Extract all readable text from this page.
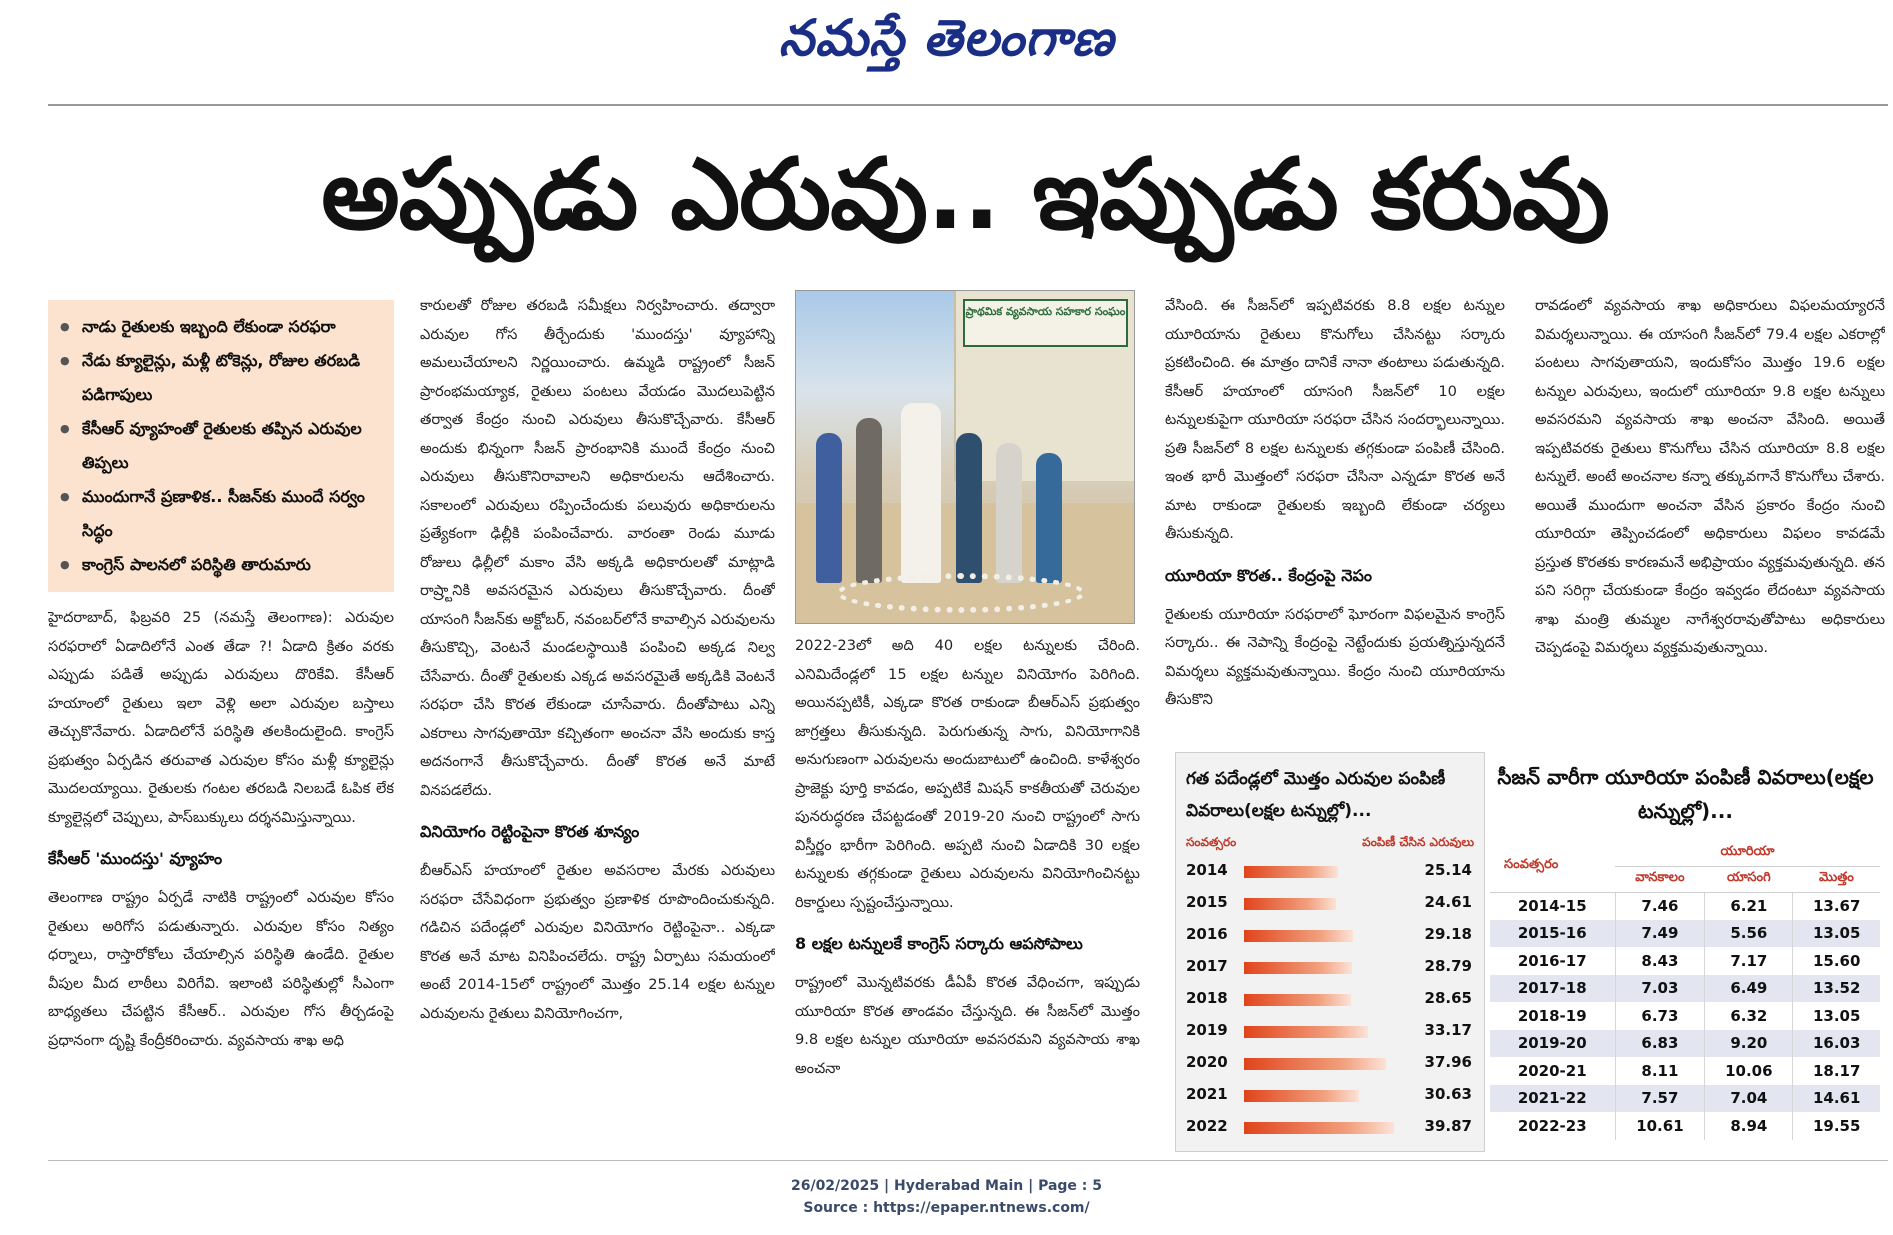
నమస్తే తెలంగాణ
అప్పుడు ఎరువు.. ఇప్పుడు కరువు
● నాడు రైతులకు ఇబ్బంది లేకుండా సరఫరా
● నేడు క్యూలైన్లు, మళ్లీ టోకెన్లు, రోజుల తరబడి పడిగాపులు
● కేసీఆర్ వ్యూహంతో రైతులకు తప్పిన ఎరువుల తిప్పలు
● ముందుగానే ప్రణాళిక.. సీజన్‌కు ముందే సర్వం సిద్ధం
● కాంగ్రెస్ పాలనలో పరిస్థితి తారుమారు

హైదరాబాద్, ఫిబ్రవరి 25 (నమస్తే తెలంగాణ): ఎరువుల సరఫరాలో ఏడాదిలోనే ఎంత తేడా ?! ఏడాది క్రితం వరకు ఎప్పుడు పడితే అప్పుడు ఎరువులు దొరికేవి. కేసీఆర్ హయాంలో రైతులు ఇలా వెళ్లి అలా ఎరువుల బస్తాలు తెచ్చుకొనేవారు. ఏడాదిలోనే పరిస్థితి తలకిందులైంది. కాంగ్రెస్ ప్రభుత్వం ఏర్పడిన తరువాత ఎరువుల కోసం మళ్లీ క్యూలైన్లు మొదలయ్యాయి. రైతులకు గంటల తరబడి నిలబడే ఓపిక లేక క్యూలైన్లలో చెప్పులు, పాస్‌బుక్కులు దర్శనమిస్తున్నాయి.

కేసీఆర్ 'ముందస్తు' వ్యూహం

తెలంగాణ రాష్ట్రం ఏర్పడే నాటికి రాష్ట్రంలో ఎరువుల కోసం రైతులు అరిగోస పడుతున్నారు. ఎరువుల కోసం నిత్యం ధర్నాలు, రాస్తారోకోలు చేయాల్సిన పరిస్థితి ఉండేది. రైతుల వీపుల మీద లాఠీలు విరిగేవి. ఇలాంటి పరిస్థితుల్లో సీఎంగా బాధ్యతలు చేపట్టిన కేసీఆర్.. ఎరువుల గోస తీర్చడంపై ప్రధానంగా దృష్టి కేంద్రీకరించారు. వ్యవసాయ శాఖ అధి

కారులతో రోజుల తరబడి సమీక్షలు నిర్వహించారు. తద్వారా ఎరువుల గోస తీర్చేందుకు 'ముందస్తు' వ్యూహాన్ని అమలుచేయాలని నిర్ణయించారు. ఉమ్మడి రాష్ట్రంలో సీజన్ ప్రారంభమయ్యాక, రైతులు పంటలు వేయడం మొదలుపెట్టిన తర్వాత కేంద్రం నుంచి ఎరువులు తీసుకొచ్చేవారు. కేసీఆర్ అందుకు భిన్నంగా సీజన్ ప్రారంభానికి ముందే కేంద్రం నుంచి ఎరువులు తీసుకొనిరావాలని అధికారులను ఆదేశించారు. సకాలంలో ఎరువులు రప్పించేందుకు పలువురు అధికారులను ప్రత్యేకంగా ఢిల్లీకి పంపించేవారు. వారంతా రెండు మూడు రోజులు ఢిల్లీలో మకాం వేసి అక్కడి అధికారులతో మాట్లాడి రాష్ర్టానికి అవసరమైన ఎరువులు తీసుకొచ్చేవారు. దీంతో యాసంగి సీజన్‌కు అక్టోబర్, నవంబర్‌లోనే కావాల్సిన ఎరువులను తీసుకొచ్చి, వెంటనే మండలస్థాయికి పంపించి అక్కడ నిల్వ చేసేవారు. దీంతో రైతులకు ఎక్కడ అవసరమైతే అక్కడికి వెంటనే సరఫరా చేసి కొరత లేకుండా చూసేవారు. దీంతోపాటు ఎన్ని ఎకరాలు సాగవుతాయో కచ్చితంగా అంచనా వేసి అందుకు కాస్త అదనంగానే తీసుకొచ్చేవారు. దీంతో కొరత అనే మాటే వినపడలేదు.

వినియోగం రెట్టింపైనా కొరత శూన్యం

బీఆర్‌ఎస్ హయాంలో రైతుల అవసరాల మేరకు ఎరువులు సరఫరా చేసేవిధంగా ప్రభుత్వం ప్రణాళిక రూపొందించుకున్నది. గడిచిన పదేండ్లలో ఎరువుల వినియోగం రెట్టింపైనా.. ఎక్కడా కొరత అనే మాట వినిపించలేదు. రాష్ట్ర ఏర్పాటు సమయంలో అంటే 2014-15లో రాష్ట్రంలో మొత్తం 25.14 లక్షల టన్నుల ఎరువులను రైతులు వినియోగించగా,

ప్రాథమిక వ్యవసాయ సహకార సంఘం

2022-23లో అది 40 లక్షల టన్నులకు చేరింది. ఎనిమిదేండ్లలో 15 లక్షల టన్నుల వినియోగం పెరిగింది. అయినప్పటికీ, ఎక్కడా కొరత రాకుండా బీఆర్‌ఎస్ ప్రభుత్వం జాగ్రత్తలు తీసుకున్నది. పెరుగుతున్న సాగు, వినియోగానికి అనుగుణంగా ఎరువులను అందుబాటులో ఉంచింది. కాళేశ్వరం ప్రాజెక్టు పూర్తి కావడం, అప్పటికే మిషన్ కాకతీయతో చెరువుల పునరుద్ధరణ చేపట్టడంతో 2019-20 నుంచి రాష్ట్రంలో సాగు విస్తీర్ణం భారీగా పెరిగింది. అప్పటి నుంచి ఏడాదికి 30 లక్షల టన్నులకు తగ్గకుండా రైతులు ఎరువులను వినియోగించినట్టు రికార్డులు స్పష్టంచేస్తున్నాయి.

8 లక్షల టన్నులకే కాంగ్రెస్ సర్కారు ఆపసోపాలు

రాష్ట్రంలో మొన్నటివరకు డీఏపీ కొరత వేధించగా, ఇప్పుడు యూరియా కొరత తాండవం చేస్తున్నది. ఈ సీజన్‌లో మొత్తం 9.8 లక్షల టన్నుల యూరియా అవసరమని వ్యవసాయ శాఖ అంచనా

వేసింది. ఈ సీజన్‌లో ఇప్పటివరకు 8.8 లక్షల టన్నుల యూరియాను రైతులు కొనుగోలు చేసినట్టు సర్కారు ప్రకటించింది. ఈ మాత్రం దానికే నానా తంటాలు పడుతున్నది. కేసీఆర్ హయాంలో యాసంగి సీజన్‌లో 10 లక్షల టన్నులకుపైగా యూరియా సరఫరా చేసిన సందర్భాలున్నాయి. ప్రతి సీజన్‌లో 8 లక్షల టన్నులకు తగ్గకుండా పంపిణీ చేసింది. ఇంత భారీ మొత్తంలో సరఫరా చేసినా ఎన్నడూ కొరత అనే మాట రాకుండా రైతులకు ఇబ్బంది లేకుండా చర్యలు తీసుకున్నది.

యూరియా కొరత.. కేంద్రంపై నెపం

రైతులకు యూరియా సరఫరాలో ఘోరంగా విఫలమైన కాంగ్రెస్ సర్కారు.. ఈ నెపాన్ని కేంద్రంపై నెట్టేందుకు ప్రయత్నిస్తున్నదనే విమర్శలు వ్యక్తమవుతున్నాయి. కేంద్రం నుంచి యూరియాను తీసుకొని

రావడంలో వ్యవసాయ శాఖ అధికారులు విఫలమయ్యారనే విమర్శలున్నాయి. ఈ యాసంగి సీజన్‌లో 79.4 లక్షల ఎకరాల్లో పంటలు సాగవుతాయని, ఇందుకోసం మొత్తం 19.6 లక్షల టన్నుల ఎరువులు, ఇందులో యూరియా 9.8 లక్షల టన్నులు అవసరమని వ్యవసాయ శాఖ అంచనా వేసింది. అయితే ఇప్పటివరకు రైతులు కొనుగోలు చేసిన యూరియా 8.8 లక్షల టన్నులే. అంటే అంచనాల కన్నా తక్కువగానే కొనుగోలు చేశారు. అయితే ముందుగా అంచనా వేసిన ప్రకారం కేంద్రం నుంచి యూరియా తెప్పించడంలో అధికారులు విఫలం కావడమే ప్రస్తుత కొరతకు కారణమనే అభిప్రాయం వ్యక్తమవుతున్నది. తన పని సరిగ్గా చేయకుండా కేంద్రం ఇవ్వడం లేదంటూ వ్యవసాయ శాఖ మంత్రి తుమ్మల నాగేశ్వరరావుతోపాటు అధికారులు చెప్పడంపై విమర్శలు వ్యక్తమవుతున్నాయి.

గత పదేండ్లలో మొత్తం ఎరువుల పంపిణీ వివరాలు(లక్షల టన్నుల్లో)...
సంవత్సరం	పంపిణీ చేసిన ఎరువులు
2014	25.14
2015	24.61
2016	29.18
2017	28.79
2018	28.65
2019	33.17
2020	37.96
2021	30.63
2022	39.87
సీజన్ వారీగా యూరియా పంపిణీ వివరాలు(లక్షల టన్నుల్లో)...
సంవత్సరం	యూరియా		
	వానకాలం	యాసంగి	మొత్తం
2014-15	7.46	6.21	13.67
2015-16	7.49	5.56	13.05
2016-17	8.43	7.17	15.60
2017-18	7.03	6.49	13.52
2018-19	6.73	6.32	13.05
2019-20	6.83	9.20	16.03
2020-21	8.11	10.06	18.17
2021-22	7.57	7.04	14.61
2022-23	10.61	8.94	19.55
26/02/2025 | Hyderabad Main | Page : 5
Source : https://epaper.ntnews.com/
